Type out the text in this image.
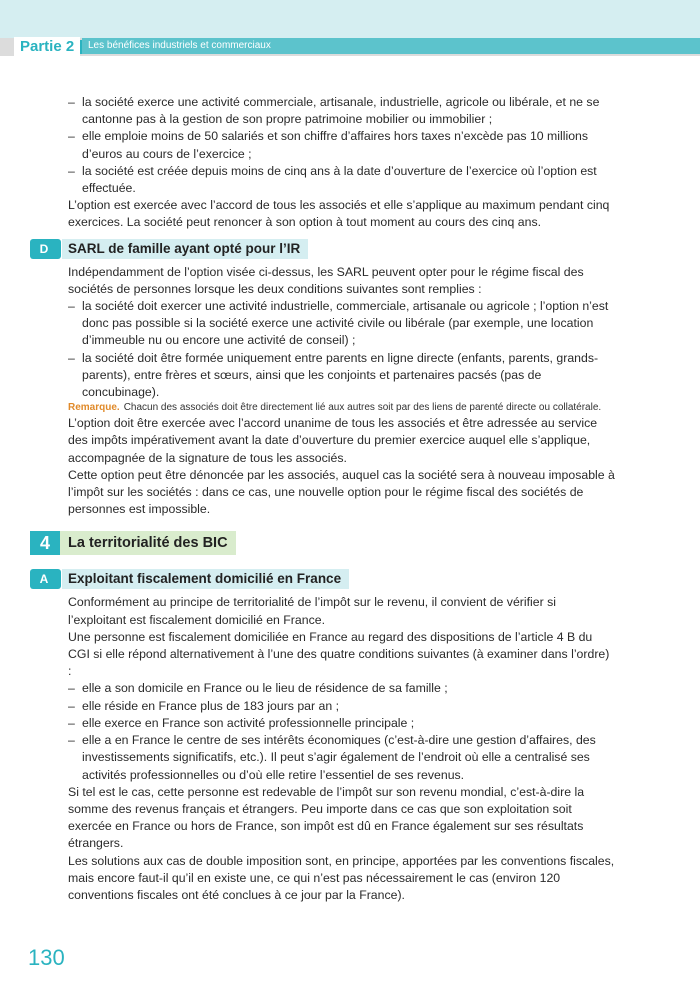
Partie 2	Les bénéfices industriels et commerciaux
– la société exerce une activité commerciale, artisanale, industrielle, agricole ou libérale, et ne se cantonne pas à la gestion de son propre patrimoine mobilier ou immobilier ;
– elle emploie moins de 50 salariés et son chiffre d’affaires hors taxes n’excède pas 10 millions d’euros au cours de l’exercice ;
– la société est créée depuis moins de cinq ans à la date d’ouverture de l’exercice où l’option est effectuée.

L’option est exercée avec l’accord de tous les associés et elle s’applique au maximum pendant cinq exercices. La société peut renoncer à son option à tout moment au cours des cinq ans.

D	SARL de famille ayant opté pour l’IR

Indépendamment de l’option visée ci-dessus, les SARL peuvent opter pour le régime fiscal des sociétés de personnes lorsque les deux conditions suivantes sont remplies :

– la société doit exercer une activité industrielle, commerciale, artisanale ou agricole ; l’option n’est donc pas possible si la société exerce une activité civile ou libérale (par exemple, une location d’immeuble nu ou encore une activité de conseil) ;
– la société doit être formée uniquement entre parents en ligne directe (enfants, parents, grands-parents), entre frères et sœurs, ainsi que les conjoints et partenaires pacsés (pas de concubinage).

Remarque. Chacun des associés doit être directement lié aux autres soit par des liens de parenté directe ou collatérale.

L’option doit être exercée avec l’accord unanime de tous les associés et être adressée au service des impôts impérativement avant la date d’ouverture du premier exercice auquel elle s’applique, accompagnée de la signature de tous les associés.

Cette option peut être dénoncée par les associés, auquel cas la société sera à nouveau imposable à l’impôt sur les sociétés : dans ce cas, une nouvelle option pour le régime fiscal des sociétés de personnes est impossible.

4	La territorialité des BIC
A	Exploitant fiscalement domicilié en France

Conformément au principe de territorialité de l’impôt sur le revenu, il convient de vérifier si l’exploitant est fiscalement domicilié en France.

Une personne est fiscalement domiciliée en France au regard des dispositions de l’article 4 B du CGI si elle répond alternativement à l’une des quatre conditions suivantes (à examiner dans l’ordre) :

– elle a son domicile en France ou le lieu de résidence de sa famille ;
– elle réside en France plus de 183 jours par an ;
– elle exerce en France son activité professionnelle principale ;
– elle a en France le centre de ses intérêts économiques (c’est-à-dire une gestion d’affaires, des investissements significatifs, etc.). Il peut s’agir également de l’endroit où elle a centralisé ses activités professionnelles ou d’où elle retire l’essentiel de ses revenus.

Si tel est le cas, cette personne est redevable de l’impôt sur son revenu mondial, c’est-à-dire la somme des revenus français et étrangers. Peu importe dans ce cas que son exploitation soit exercée en France ou hors de France, son impôt est dû en France également sur ses résultats étrangers.

Les solutions aux cas de double imposition sont, en principe, apportées par les conventions fiscales, mais encore faut-il qu’il en existe une, ce qui n’est pas nécessairement le cas (environ 120 conventions fiscales ont été conclues à ce jour par la France).

130
